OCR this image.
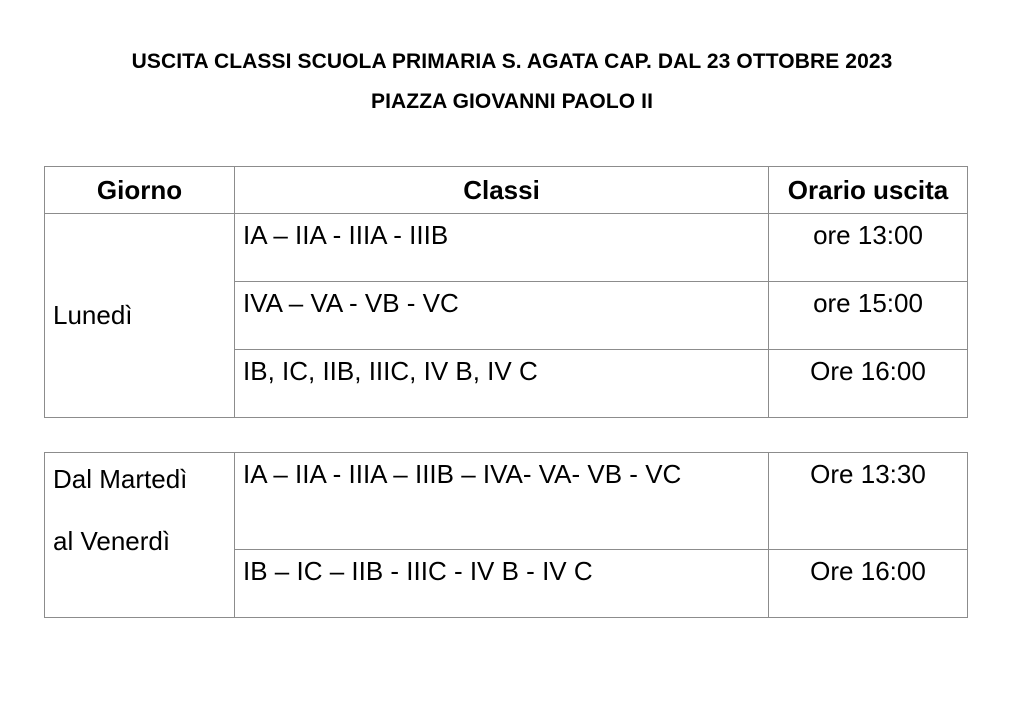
USCITA CLASSI SCUOLA PRIMARIA S. AGATA CAP. DAL 23 OTTOBRE 2023
PIAZZA GIOVANNI PAOLO II
Giorno	Classi	Orario uscita
Lunedì	IA – IIA - IIIA - IIIB	ore 13:00
	IVA – VA - VB - VC	ore 15:00
	IB, IC, IIB, IIIC, IV B, IV C	Ore 16:00
Dal Martedì
al Venerdì	IA – IIA - IIIA – IIIB – IVA- VA- VB - VC	Ore 13:30
	IB – IC – IIB - IIIC - IV B - IV C	Ore 16:00
